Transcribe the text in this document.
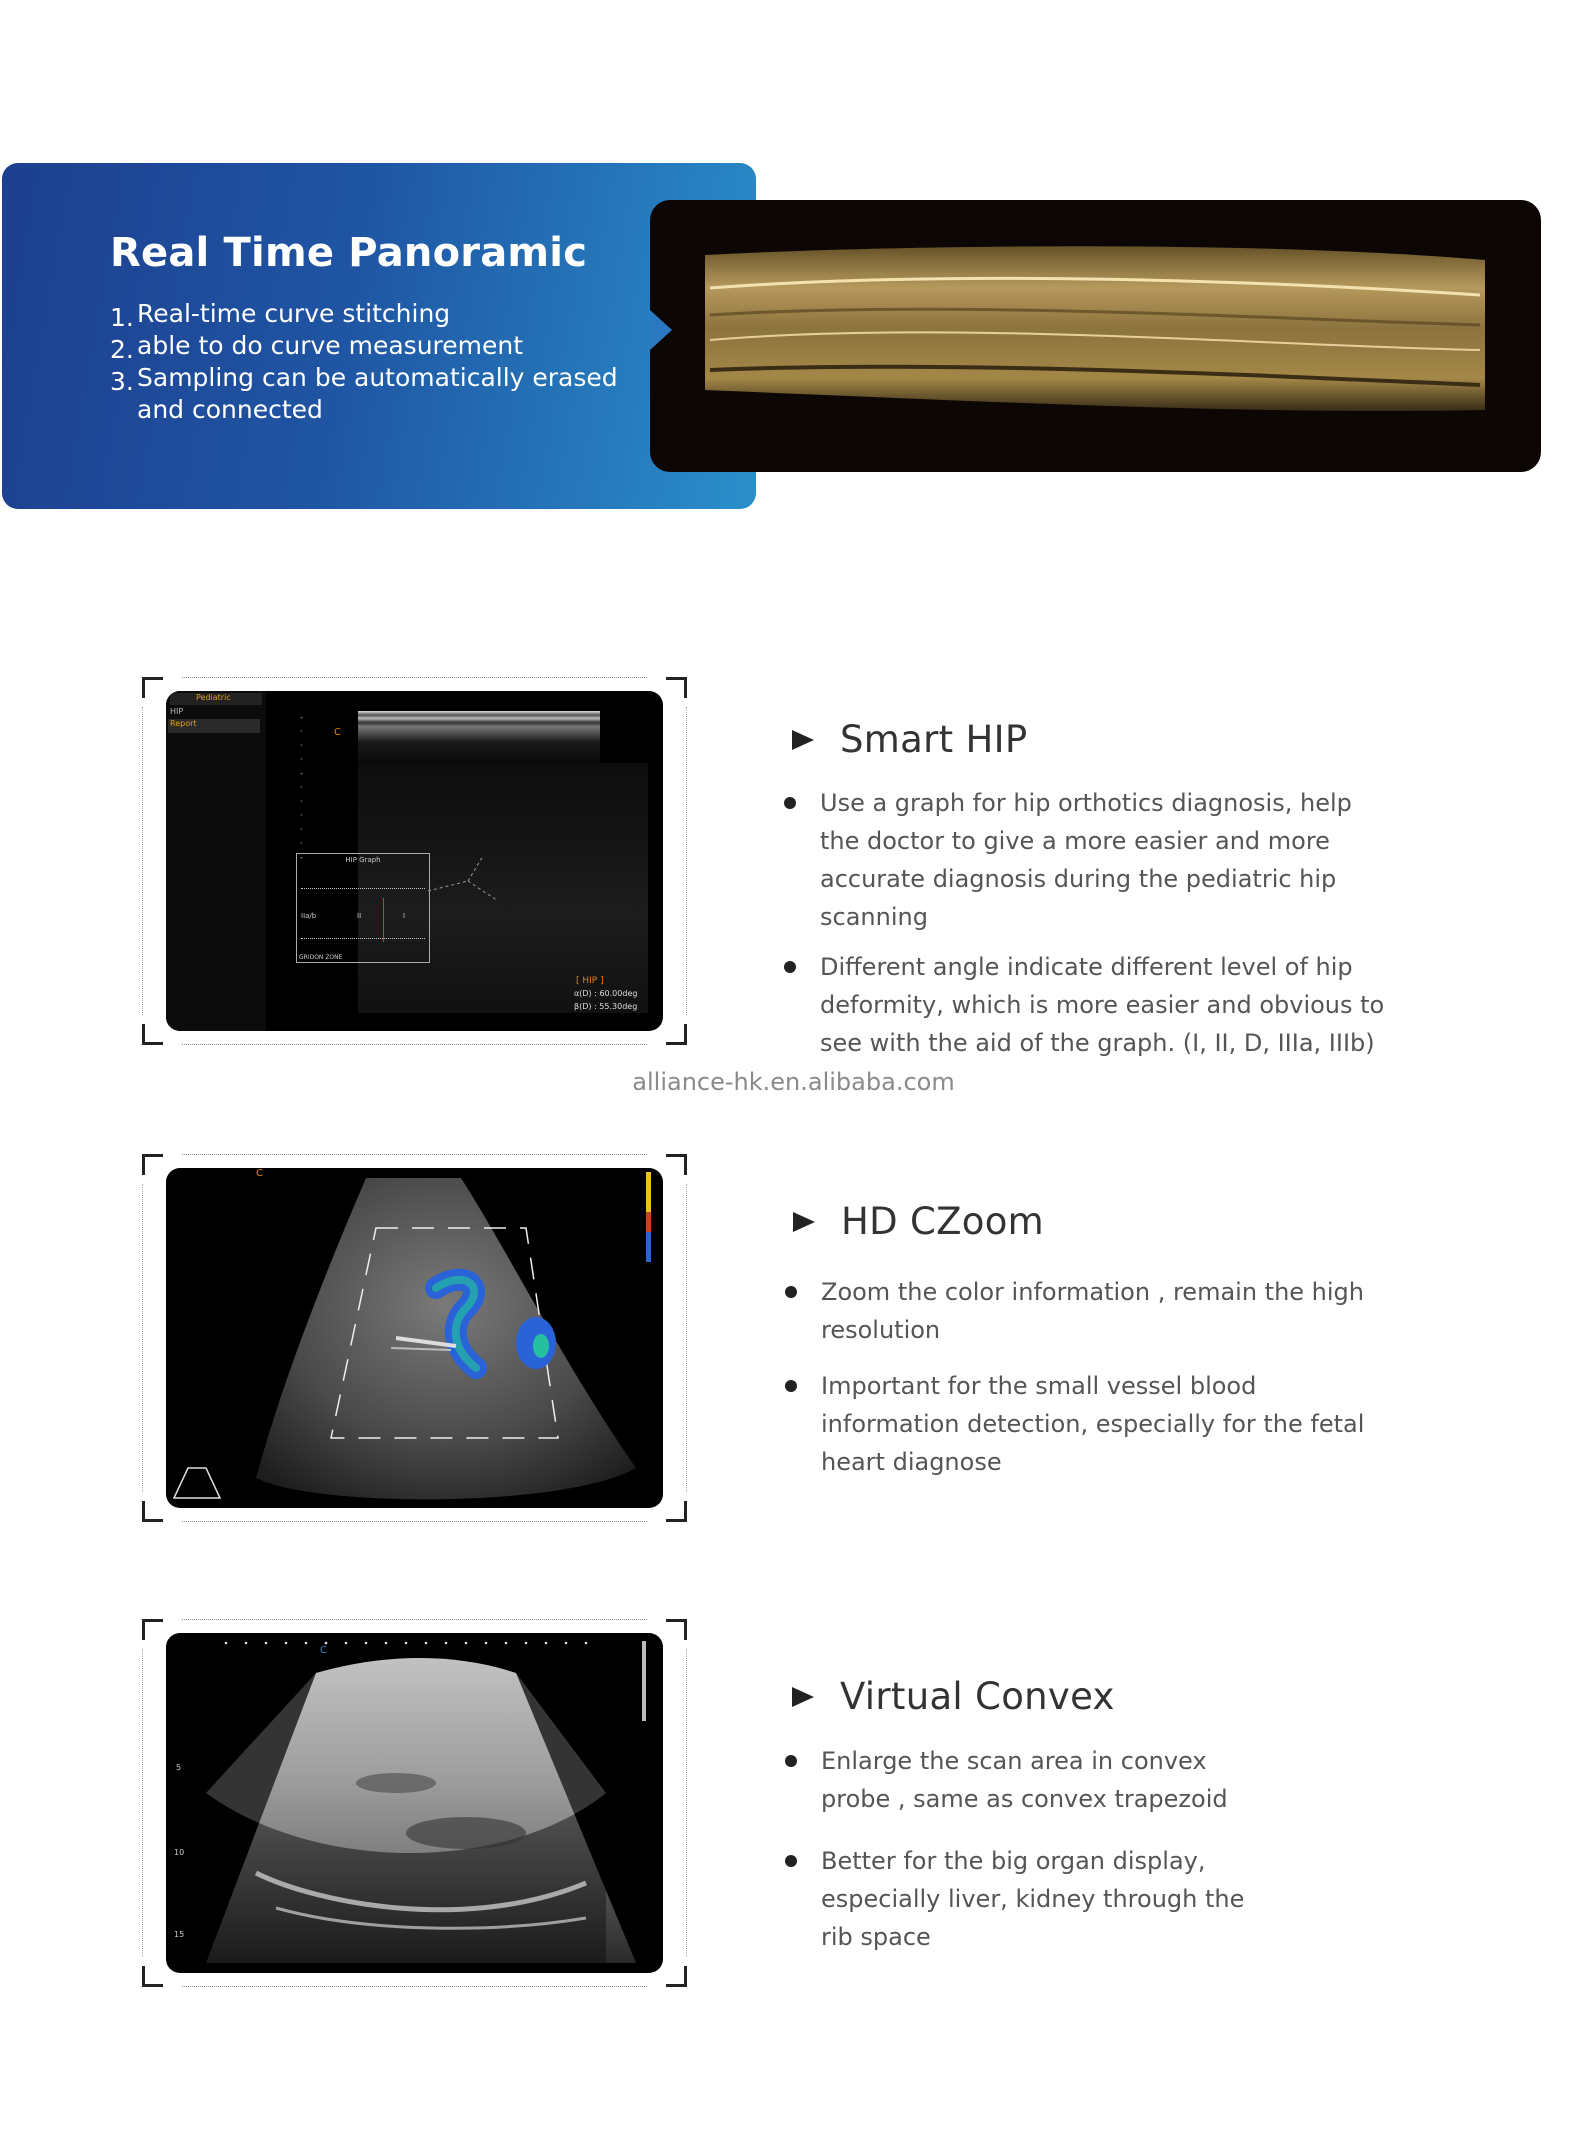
Real Time Panoramic
1. Real-time curve stitching
2. able to do curve measurement
3. Sampling can be automatically erased and connected
Pediatric
HIP
Report
C
-
·
·
·
-
·
·
·
·
·
-	HIP Graph
IIa/b	II	I
GRIDON ZONE
[ HIP ]
α(D) : 60.00deg
β(D) : 55.30deg
Smart HIP
Use a graph for hip orthotics diagnosis, help the doctor to give a more easier and more accurate diagnosis during the pediatric hip scanning
Different angle indicate different level of hip deformity, which is more easier and obvious to see with the aid of the graph. (I, II, D, IIIa, IIIb)
alliance-hk.en.alibaba.com
C
HD CZoom
Zoom the color information , remain the high resolution
Important for the small vessel blood information detection, especially for the fetal heart diagnose
C
5
10
15
Virtual Convex
Enlarge the scan area in convex probe , same as convex trapezoid
Better for the big organ display, especially liver, kidney through the rib space
